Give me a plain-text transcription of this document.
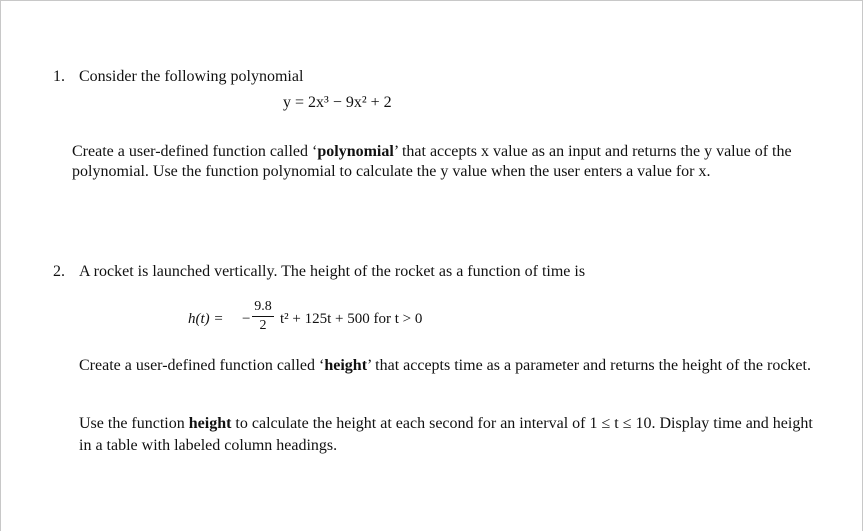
1. Consider the following polynomial
y = 2x³ − 9x² + 2
Create a user-defined function called ‘polynomial’ that accepts x value as an input and returns the y value of the polynomial. Use the function polynomial to calculate the y value when the user enters a value for x.
2. A rocket is launched vertically. The height of the rocket as a function of time is
h(t) = −
9.8
2 t² + 125t + 500 for t > 0
Create a user-defined function called ‘height’ that accepts time as a parameter and returns the height of the rocket.
Use the function height to calculate the height at each second for an interval of 1 ≤ t ≤ 10. Display time and height in a table with labeled column headings.
